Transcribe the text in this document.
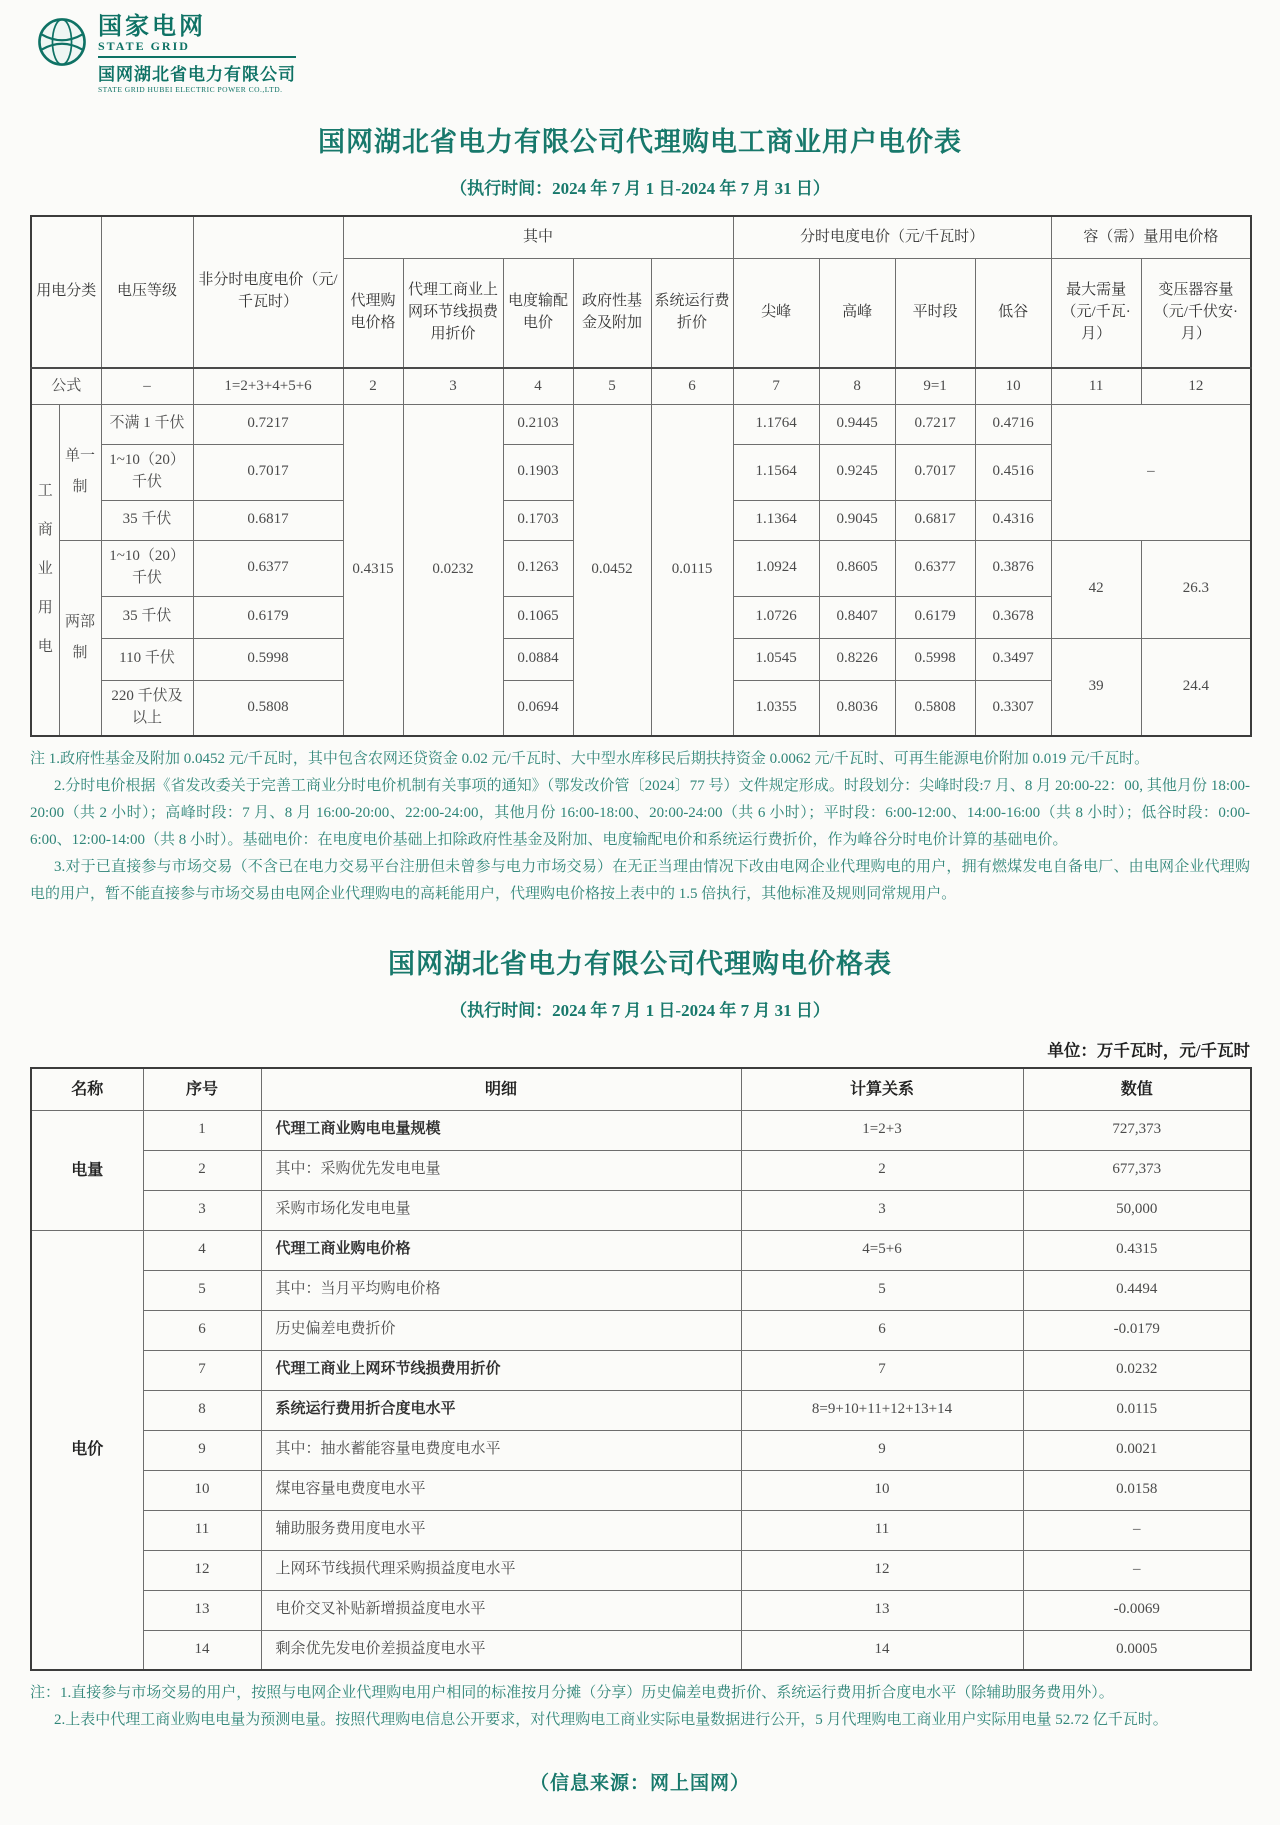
国家电网
STATE GRID
国网湖北省电力有限公司
STATE GRID HUBEI ELECTRIC POWER CO.,LTD.
国网湖北省电力有限公司代理购电工商业用户电价表
（执行时间：2024 年 7 月 1 日-2024 年 7 月 31 日）
用电分类		电压等级	非分时电度电价（元/千瓦时）	其中					分时电度电价（元/千瓦时）				容（需）量用电价格	
				代理购电价格	代理工商业上网环节线损费用折价	电度输配电价	政府性基金及附加	系统运行费折价	尖峰	高峰	平时段	低谷	最大需量（元/千瓦·月）	变压器容量（元/千伏安·月）
公式		–	1=2+3+4+5+6	2	3	4	5	6	7	8	9=1	10	11	12
工商业用电	单一制	不满 1 千伏	0.7217	0.4315	0.0232	0.2103	0.0452	0.0115	1.1764	0.9445	0.7217	0.4716	–	
		1~10（20）千伏	0.7017			0.1903			1.1564	0.9245	0.7017	0.4516		
		35 千伏	0.6817			0.1703			1.1364	0.9045	0.6817	0.4316		
	两部制	1~10（20）千伏	0.6377			0.1263			1.0924	0.8605	0.6377	0.3876	42	26.3
		35 千伏	0.6179			0.1065			1.0726	0.8407	0.6179	0.3678		
		110 千伏	0.5998			0.0884			1.0545	0.8226	0.5998	0.3497	39	24.4
		220 千伏及以上	0.5808			0.0694			1.0355	0.8036	0.5808	0.3307		

注 1.政府性基金及附加 0.0452 元/千瓦时，其中包含农网还贷资金 0.02 元/千瓦时、大中型水库移民后期扶持资金 0.0062 元/千瓦时、可再生能源电价附加 0.019 元/千瓦时。

2.分时电价根据《省发改委关于完善工商业分时电价机制有关事项的通知》（鄂发改价管〔2024〕77 号）文件规定形成。时段划分：尖峰时段:7 月、8 月 20:00-22：00, 其他月份 18:00-20:00（共 2 小时）；高峰时段：7 月、8 月 16:00-20:00、22:00-24:00，其他月份 16:00-18:00、20:00-24:00（共 6 小时）；平时段：6:00-12:00、14:00-16:00（共 8 小时）；低谷时段：0:00-6:00、12:00-14:00（共 8 小时）。基础电价：在电度电价基础上扣除政府性基金及附加、电度输配电价和系统运行费折价，作为峰谷分时电价计算的基础电价。

3.对于已直接参与市场交易（不含已在电力交易平台注册但未曾参与电力市场交易）在无正当理由情况下改由电网企业代理购电的用户，拥有燃煤发电自备电厂、由电网企业代理购电的用户，暂不能直接参与市场交易由电网企业代理购电的高耗能用户，代理购电价格按上表中的 1.5 倍执行，其他标准及规则同常规用户。

国网湖北省电力有限公司代理购电价格表
（执行时间：2024 年 7 月 1 日-2024 年 7 月 31 日）
单位：万千瓦时，元/千瓦时
名称	序号	明细	计算关系	数值
电量	1	代理工商业购电电量规模	1=2+3	727,373
	2	其中：采购优先发电电量	2	677,373
	3	采购市场化发电电量	3	50,000
电价	4	代理工商业购电价格	4=5+6	0.4315
	5	其中：当月平均购电价格	5	0.4494
	6	历史偏差电费折价	6	-0.0179
	7	代理工商业上网环节线损费用折价	7	0.0232
	8	系统运行费用折合度电水平	8=9+10+11+12+13+14	0.0115
	9	其中：抽水蓄能容量电费度电水平	9	0.0021
	10	煤电容量电费度电水平	10	0.0158
	11	辅助服务费用度电水平	11	–
	12	上网环节线损代理采购损益度电水平	12	–
	13	电价交叉补贴新增损益度电水平	13	-0.0069
	14	剩余优先发电价差损益度电水平	14	0.0005

注：1.直接参与市场交易的用户，按照与电网企业代理购电用户相同的标准按月分摊（分享）历史偏差电费折价、系统运行费用折合度电水平（除辅助服务费用外）。

2.上表中代理工商业购电电量为预测电量。按照代理购电信息公开要求，对代理购电工商业实际电量数据进行公开，5 月代理购电工商业用户实际用电量 52.72 亿千瓦时。

（信息来源：网上国网）
